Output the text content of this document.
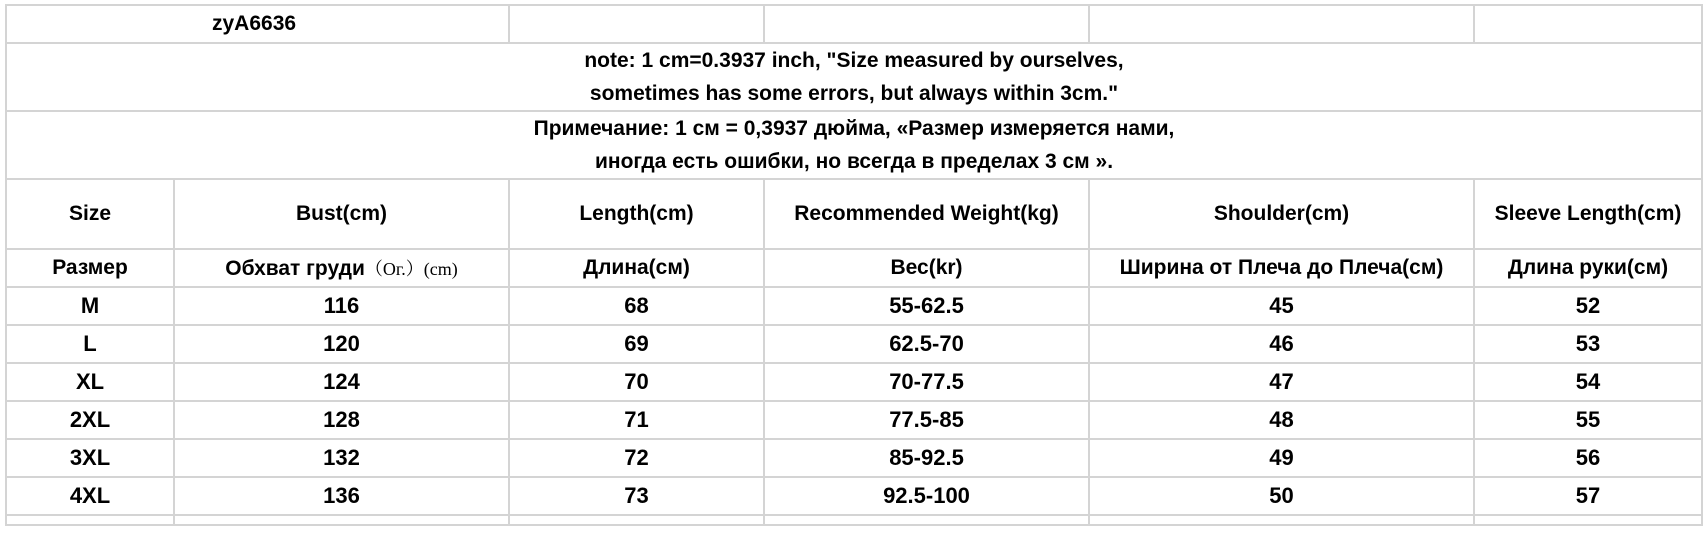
zyA6636					

note: 1 cm=0.3937 inch, "Size measured by ourselves,
sometimes has some errors, but always within 3cm."					

Примечание: 1 см = 0,3937 дюйма, «Размер измеряется нами,
иногда есть ошибки, но всегда в пределах 3 см ».					

Size	Bust(cm)	Length(cm)	Recommended Weight(kg)	Shoulder(cm)	Sleeve Length(cm)
Размер	Обхват груди（Oг.）(cm)	Длина(см)	Вес(kr)	Ширина от Плеча до Плеча(см)	Длина руки(см)
M	116	68	55-62.5	45	52
L	120	69	62.5-70	46	53
XL	124	70	70-77.5	47	54
2XL	128	71	77.5-85	48	55
3XL	132	72	85-92.5	49	56
4XL	136	73	92.5-100	50	57
